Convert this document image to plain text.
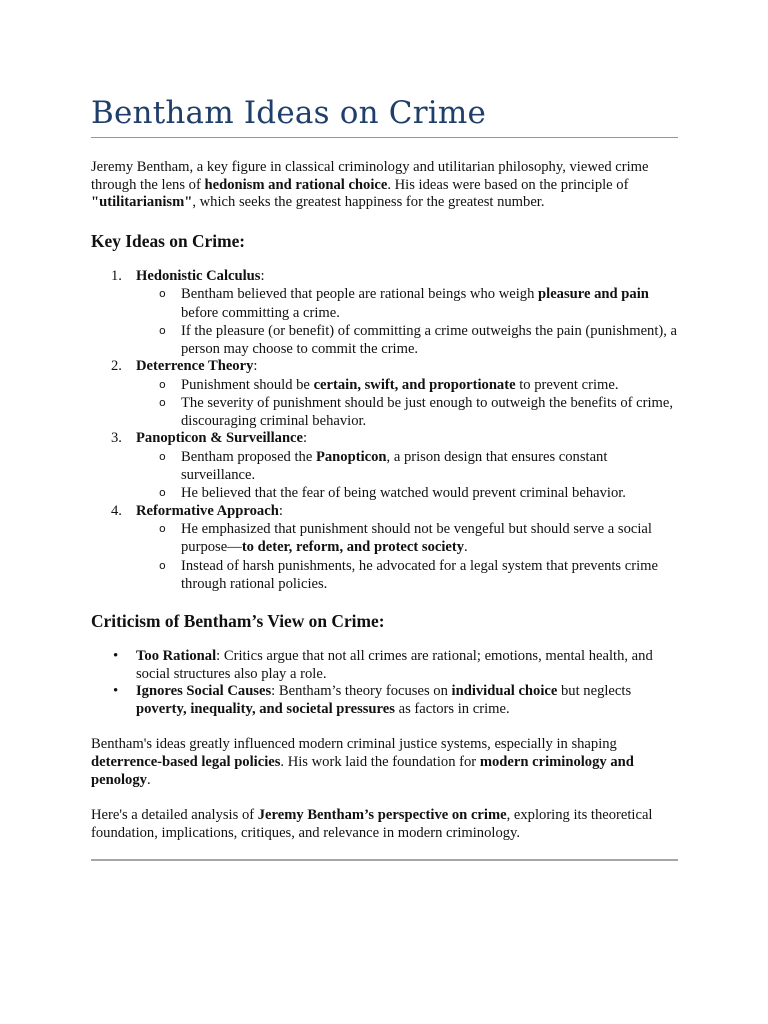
Bentham Ideas on Crime

Jeremy Bentham, a key figure in classical criminology and utilitarian philosophy, viewed crime through the lens of hedonism and rational choice. His ideas were based on the principle of "utilitarianism", which seeks the greatest happiness for the greatest number.

Key Ideas on Crime:
1. Hedonistic Calculus:
o Bentham believed that people are rational beings who weigh pleasure and pain before committing a crime.
o If the pleasure (or benefit) of committing a crime outweighs the pain (punishment), a person may choose to commit the crime.
2. Deterrence Theory:
o Punishment should be certain, swift, and proportionate to prevent crime.
o The severity of punishment should be just enough to outweigh the benefits of crime, discouraging criminal behavior.
3. Panopticon & Surveillance:
o Bentham proposed the Panopticon, a prison design that ensures constant surveillance.
o He believed that the fear of being watched would prevent criminal behavior.
4. Reformative Approach:
o He emphasized that punishment should not be vengeful but should serve a social purpose—to deter, reform, and protect society.
o Instead of harsh punishments, he advocated for a legal system that prevents crime through rational policies.
Criticism of Bentham’s View on Crime:
• Too Rational: Critics argue that not all crimes are rational; emotions, mental health, and social structures also play a role.
• Ignores Social Causes: Bentham’s theory focuses on individual choice but neglects poverty, inequality, and societal pressures as factors in crime.

Bentham's ideas greatly influenced modern criminal justice systems, especially in shaping deterrence-based legal policies. His work laid the foundation for modern criminology and penology.

Here's a detailed analysis of Jeremy Bentham’s perspective on crime, exploring its theoretical foundation, implications, critiques, and relevance in modern criminology.
